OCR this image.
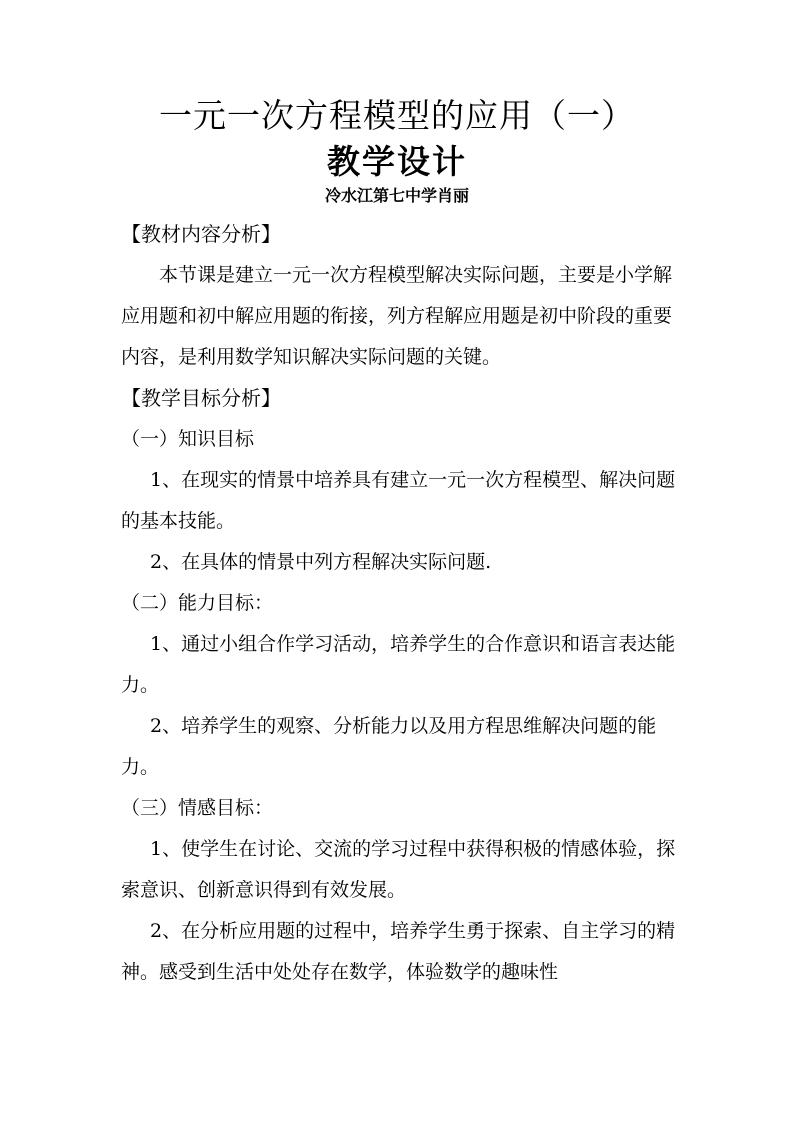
一元一次方程模型的应用（一）
教学设计
冷水江第七中学肖丽

【教材内容分析】

本节课是建立一元一次方程模型解决实际问题，主要是小学解应用题和初中解应用题的衔接，列方程解应用题是初中阶段的重要内容，是利用数学知识解决实际问题的关键。

【教学目标分析】

（一）知识目标

1、在现实的情景中培养具有建立一元一次方程模型、解决问题的基本技能。

2、在具体的情景中列方程解决实际问题.

（二）能力目标：

1、通过小组合作学习活动，培养学生的合作意识和语言表达能力。

2、培养学生的观察、分析能力以及用方程思维解决问题的能力。

（三）情感目标：

1、使学生在讨论、交流的学习过程中获得积极的情感体验，探索意识、创新意识得到有效发展。

2、在分析应用题的过程中，培养学生勇于探索、自主学习的精神。感受到生活中处处存在数学，体验数学的趣味性
